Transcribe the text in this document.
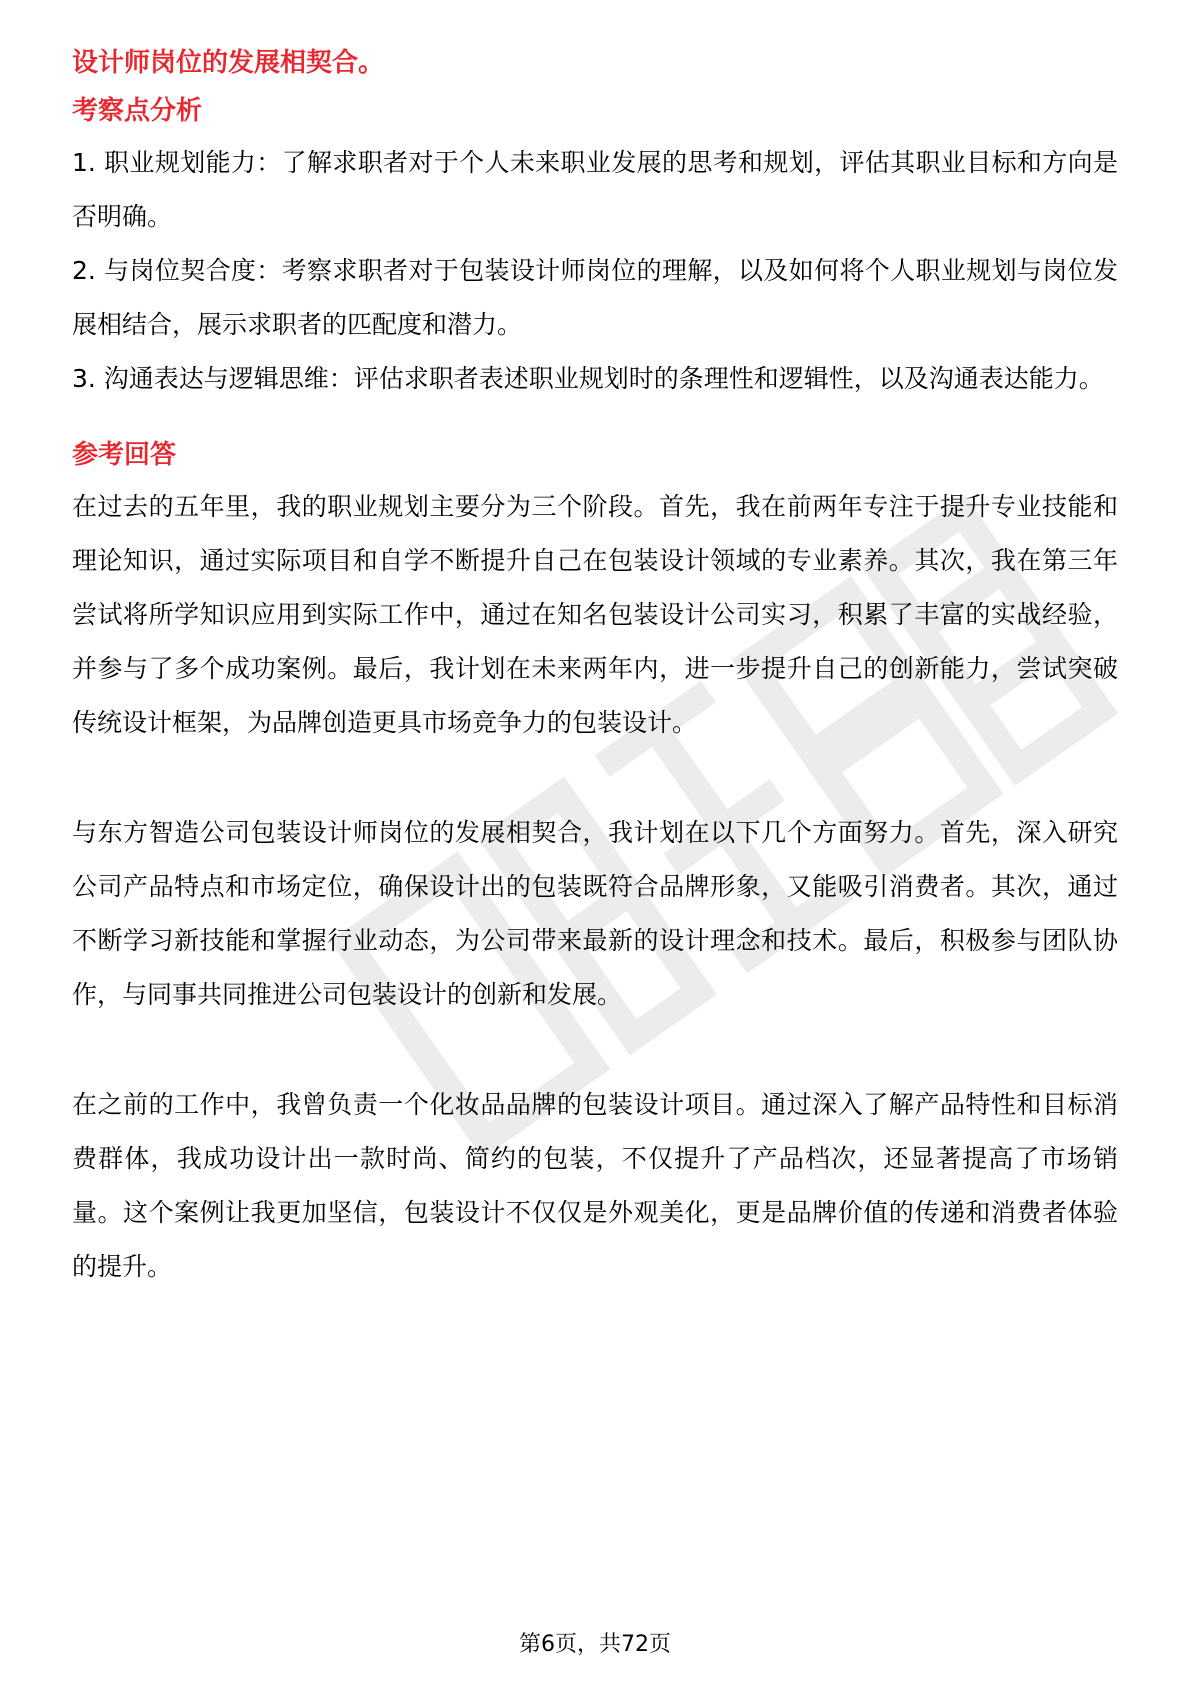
设计师岗位的发展相契合。

考察点分析

1. 职业规划能力：了解求职者对于个人未来职业发展的思考和规划，评估其职业目标和方向是否明确。

2. 与岗位契合度：考察求职者对于包装设计师岗位的理解，以及如何将个人职业规划与岗位发展相结合，展示求职者的匹配度和潜力。

3. 沟通表达与逻辑思维：评估求职者表述职业规划时的条理性和逻辑性，以及沟通表达能力。

参考回答

在过去的五年里，我的职业规划主要分为三个阶段。首先，我在前两年专注于提升专业技能和理论知识，通过实际项目和自学不断提升自己在包装设计领域的专业素养。其次，我在第三年尝试将所学知识应用到实际工作中，通过在知名包装设计公司实习，积累了丰富的实战经验，并参与了多个成功案例。最后，我计划在未来两年内，进一步提升自己的创新能力，尝试突破传统设计框架，为品牌创造更具市场竞争力的包装设计。

与东方智造公司包装设计师岗位的发展相契合，我计划在以下几个方面努力。首先，深入研究公司产品特点和市场定位，确保设计出的包装既符合品牌形象，又能吸引消费者。其次，通过不断学习新技能和掌握行业动态，为公司带来最新的设计理念和技术。最后，积极参与团队协作，与同事共同推进公司包装设计的创新和发展。

在之前的工作中，我曾负责一个化妆品品牌的包装设计项目。通过深入了解产品特性和目标消费群体，我成功设计出一款时尚、简约的包装，不仅提升了产品档次，还显著提高了市场销量。这个案例让我更加坚信，包装设计不仅仅是外观美化，更是品牌价值的传递和消费者体验的提升。

第6页，共72页
